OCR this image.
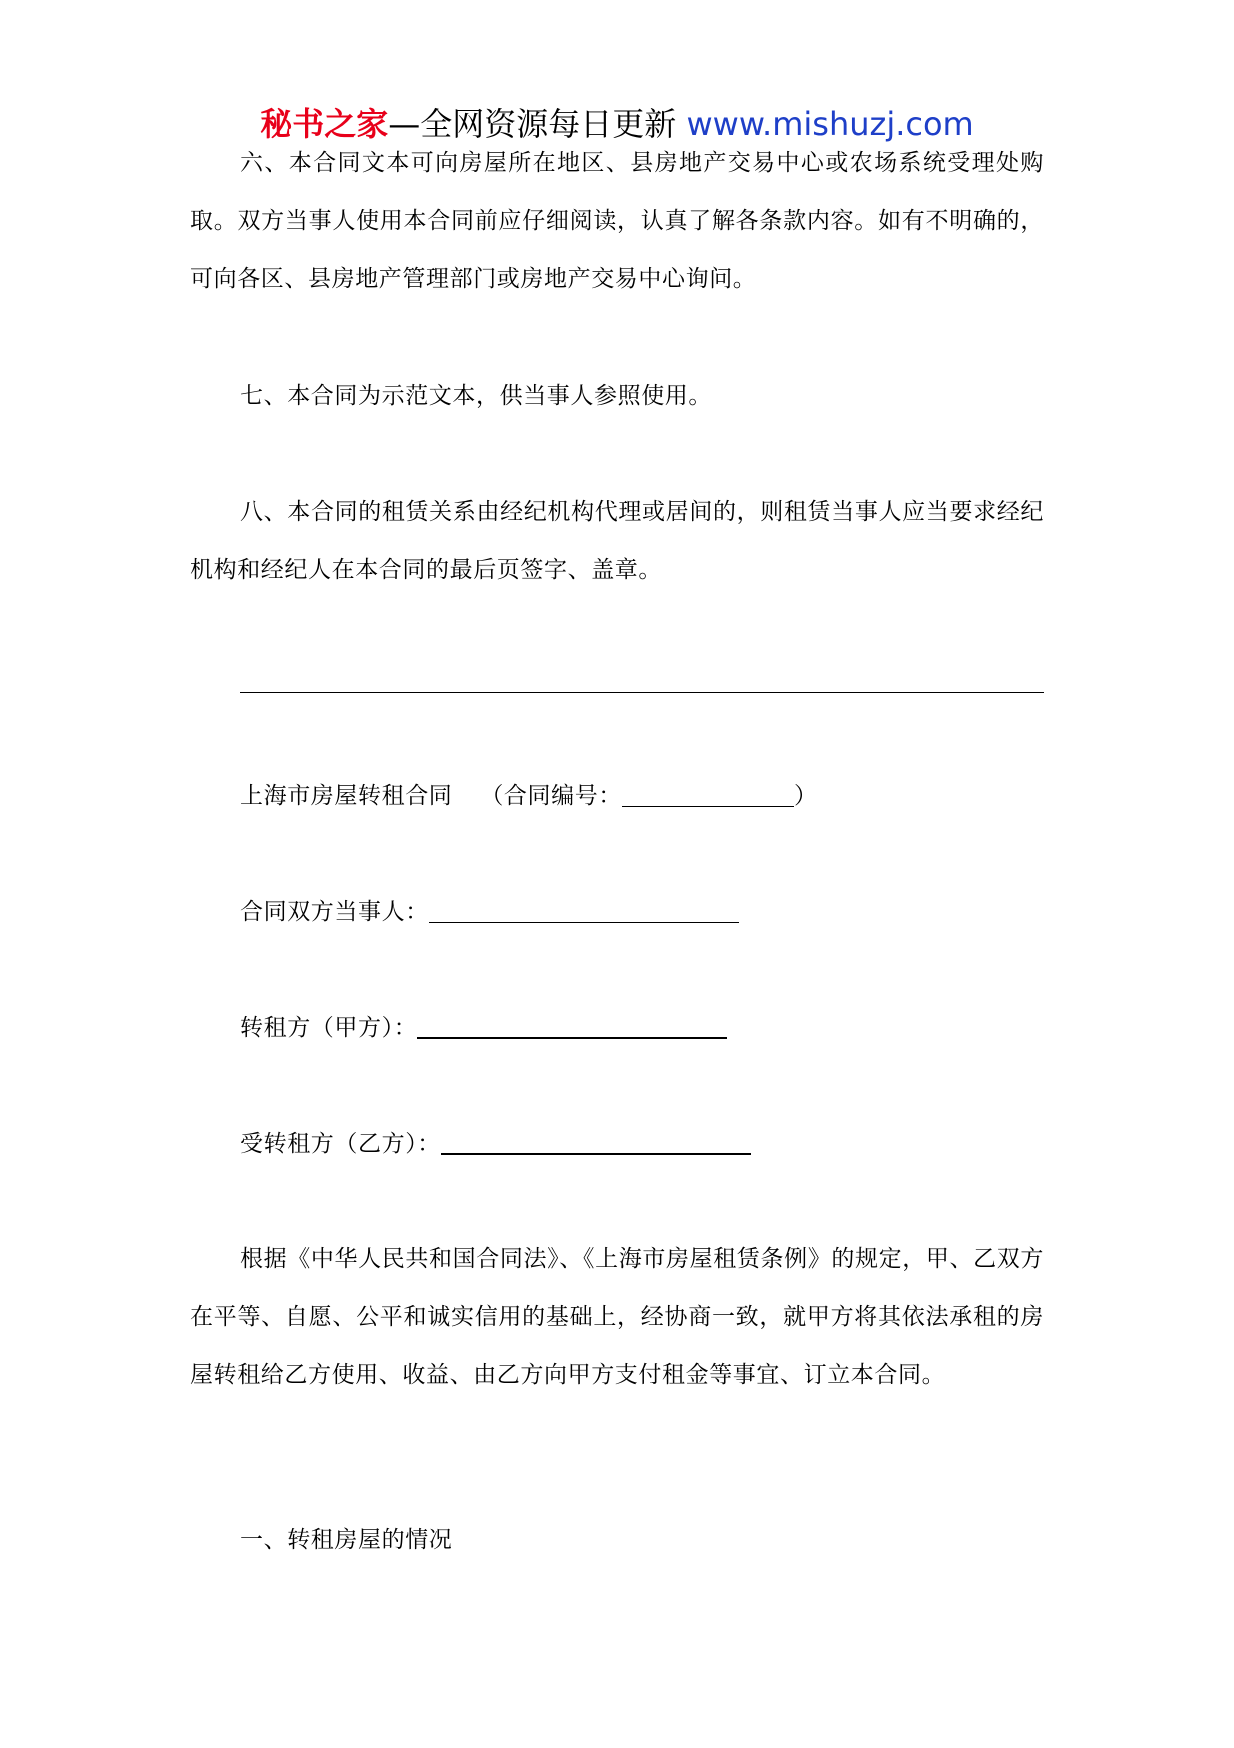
秘书之家—全网资源每日更新 www.mishuzj.com

六、本合同文本可向房屋所在地区、县房地产交易中心或农场系统受理处购取。双方当事人使用本合同前应仔细阅读，认真了解各条款内容。如有不明确的，可向各区、县房地产管理部门或房地产交易中心询问。

七、本合同为示范文本，供当事人参照使用。

八、本合同的租赁关系由经纪机构代理或居间的，则租赁当事人应当要求经纪机构和经纪人在本合同的最后页签字、盖章。

上海市房屋转租合同 （合同编号：	）
合同双方当事人：
转租方（甲方）：
受转租方（乙方）：

根据《中华人民共和国合同法》、《上海市房屋租赁条例》的规定，甲、乙双方在平等、自愿、公平和诚实信用的基础上，经协商一致，就甲方将其依法承租的房屋转租给乙方使用、收益、由乙方向甲方支付租金等事宜、订立本合同。

一、转租房屋的情况
